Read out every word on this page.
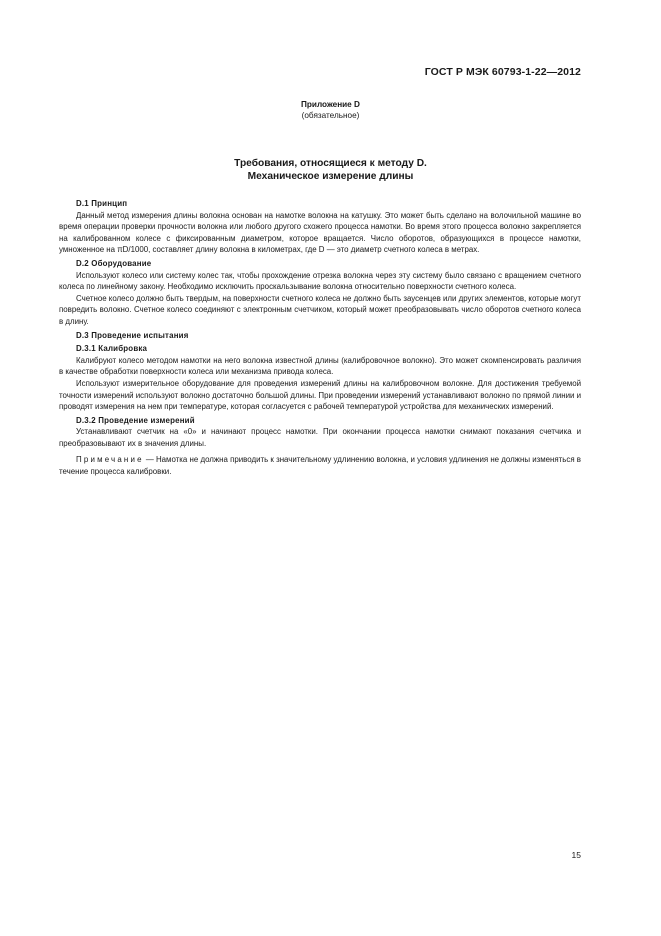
ГОСТ Р МЭК 60793-1-22—2012
Приложение D
(обязательное)
Требования, относящиеся к методу D.
Механическое измерение длины
D.1 Принцип

Данный метод измерения длины волокна основан на намотке волокна на катушку. Это может быть сделано на волочильной машине во время операции проверки прочности волокна или любого другого схожего процесса намотки. Во время этого процесса волокно закрепляется на калиброванном колесе с фиксированным диаметром, которое вращается. Число оборотов, образующихся в процессе намотки, умноженное на πD/1000, составляет длину волокна в километрах, где D — это диаметр счетного колеса в метрах.

D.2 Оборудование

Используют колесо или систему колес так, чтобы прохождение отрезка волокна через эту систему было связано с вращением счетного колеса по линейному закону. Необходимо исключить проскальзывание волокна относительно поверхности счетного колеса.

Счетное колесо должно быть твердым, на поверхности счетного колеса не должно быть заусенцев или других элементов, которые могут повредить волокно. Счетное колесо соединяют с электронным счетчиком, который может преобразовывать число оборотов счетного колеса в длину.

D.3 Проведение испытания
D.3.1 Калибровка

Калибруют колесо методом намотки на него волокна известной длины (калибровочное волокно). Это может скомпенсировать различия в качестве обработки поверхности колеса или механизма привода колеса.

Используют измерительное оборудование для проведения измерений длины на калибровочном волокне. Для достижения требуемой точности измерений используют волокно достаточно большой длины. При проведении измерений устанавливают волокно по прямой линии и проводят измерения на нем при температуре, которая согласуется с рабочей температурой устройства для механических измерений.

D.3.2 Проведение измерений

Устанавливают счетчик на «0» и начинают процесс намотки. При окончании процесса намотки снимают показания счетчика и преобразовывают их в значения длины.

Примечание — Намотка не должна приводить к значительному удлинению волокна, и условия удлинения не должны изменяться в течение процесса калибровки.

15
